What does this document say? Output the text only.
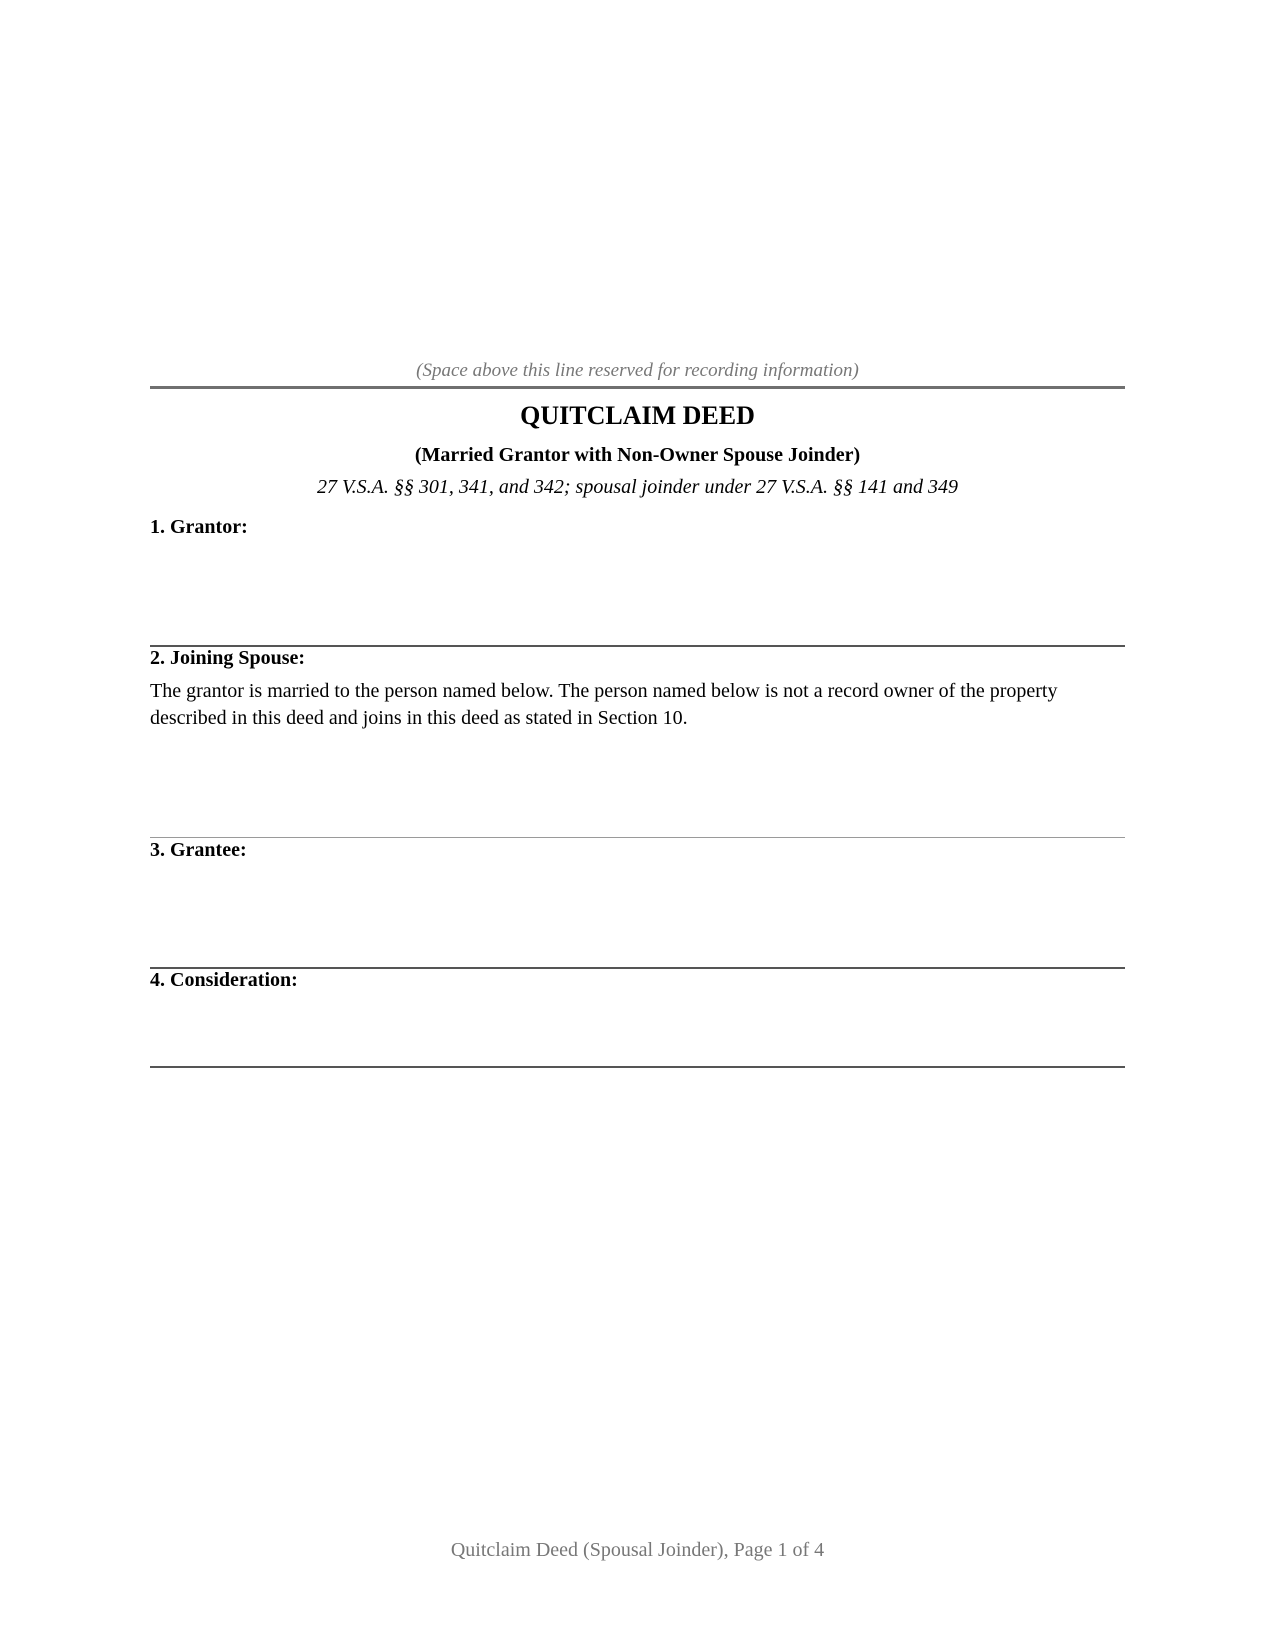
(Space above this line reserved for recording information)
QUITCLAIM DEED
(Married Grantor with Non-Owner Spouse Joinder)
27 V.S.A. §§ 301, 341, and 342; spousal joinder under 27 V.S.A. §§ 141 and 349
1. Grantor:
2. Joining Spouse:
The grantor is married to the person named below. The person named below is not a record owner of the property described in this deed and joins in this deed as stated in Section 10.
3. Grantee:
4. Consideration:
Quitclaim Deed (Spousal Joinder), Page 1 of 4
